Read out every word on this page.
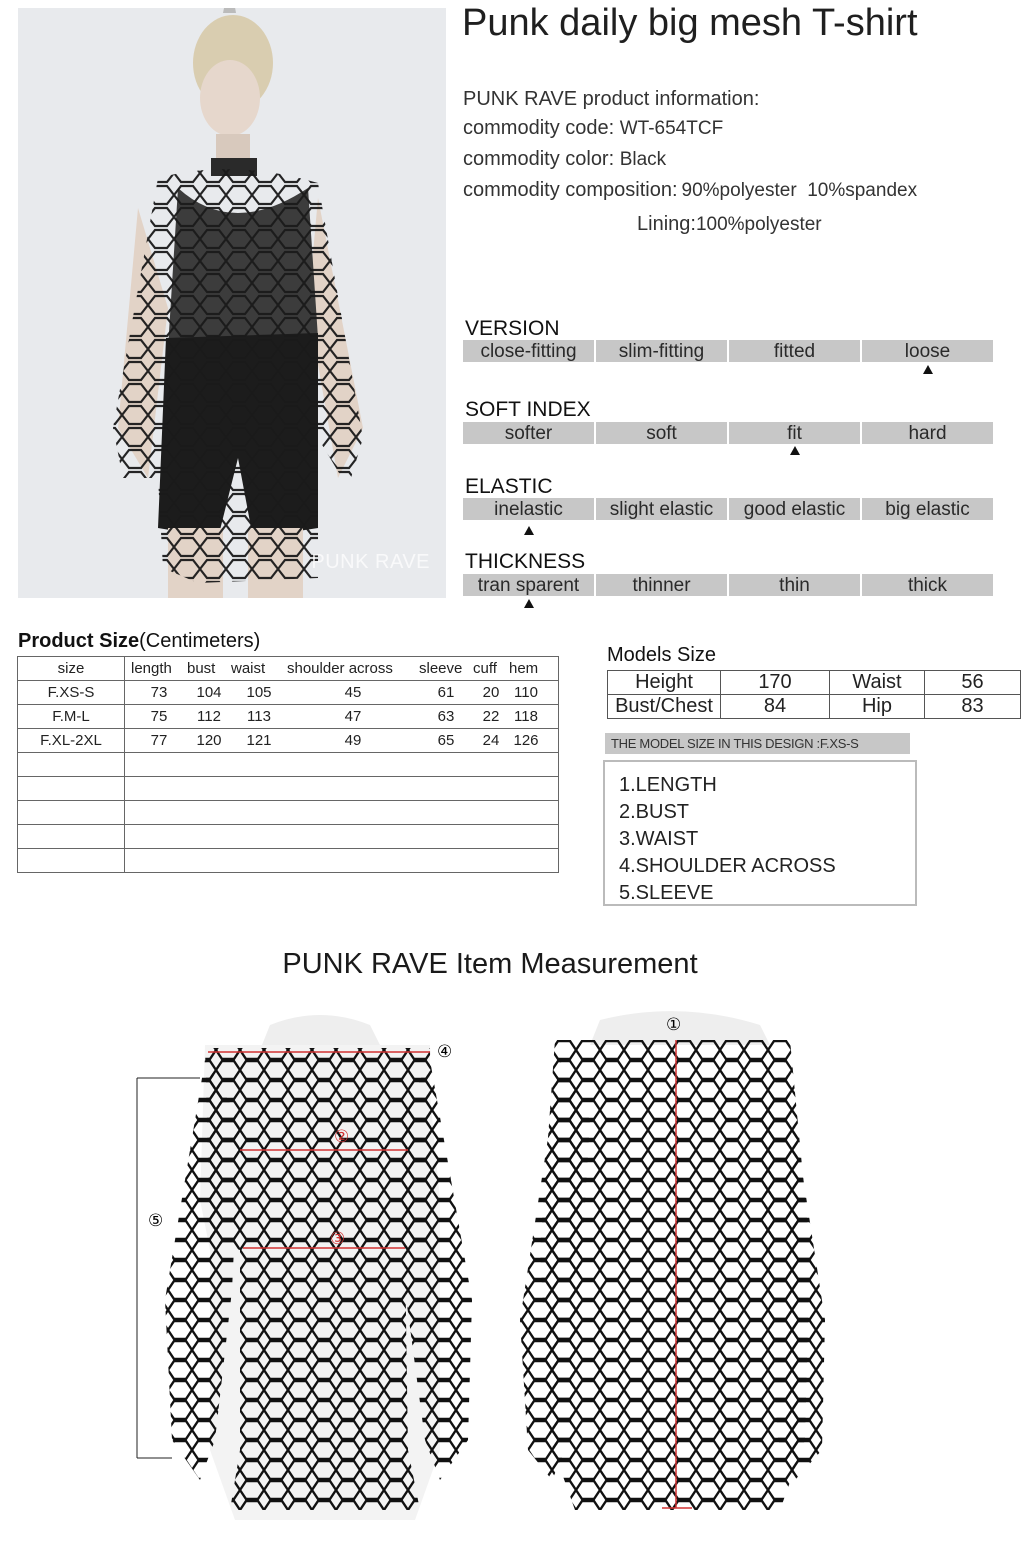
PUNK RAVE
Punk daily big mesh T-shirt
PUNK RAVE product information:
commodity code: WT-654TCF
commodity color: Black
commodity composition: 90%polyester  10%spandex
Lining:100%polyester
VERSION
close-fitting	slim-fitting	fitted	loose
SOFT INDEX
softer	soft	fit	hard
ELASTIC
inelastic	slight elastic	good elastic	big elastic
THICKNESS
tran sparent	thinner	thin	thick
Product Size(Centimeters)
size	length bust waist shoulder across sleeve cuff hem
F.XS-S	73 104 105 45 61 20 110
F.M-L	75 112 113 47 63 22 118
F.XL-2XL	77 120 121 49 65 24 126

Models Size
Height	170	Waist	56
Bust/Chest	84	Hip	83
THE MODEL SIZE IN THIS DESIGN :F.XS-S
1.LENGTH
2.BUST
3.WAIST
4.SHOULDER ACROSS
5.SLEEVE
PUNK RAVE Item Measurement
①
②
③
④
⑤
